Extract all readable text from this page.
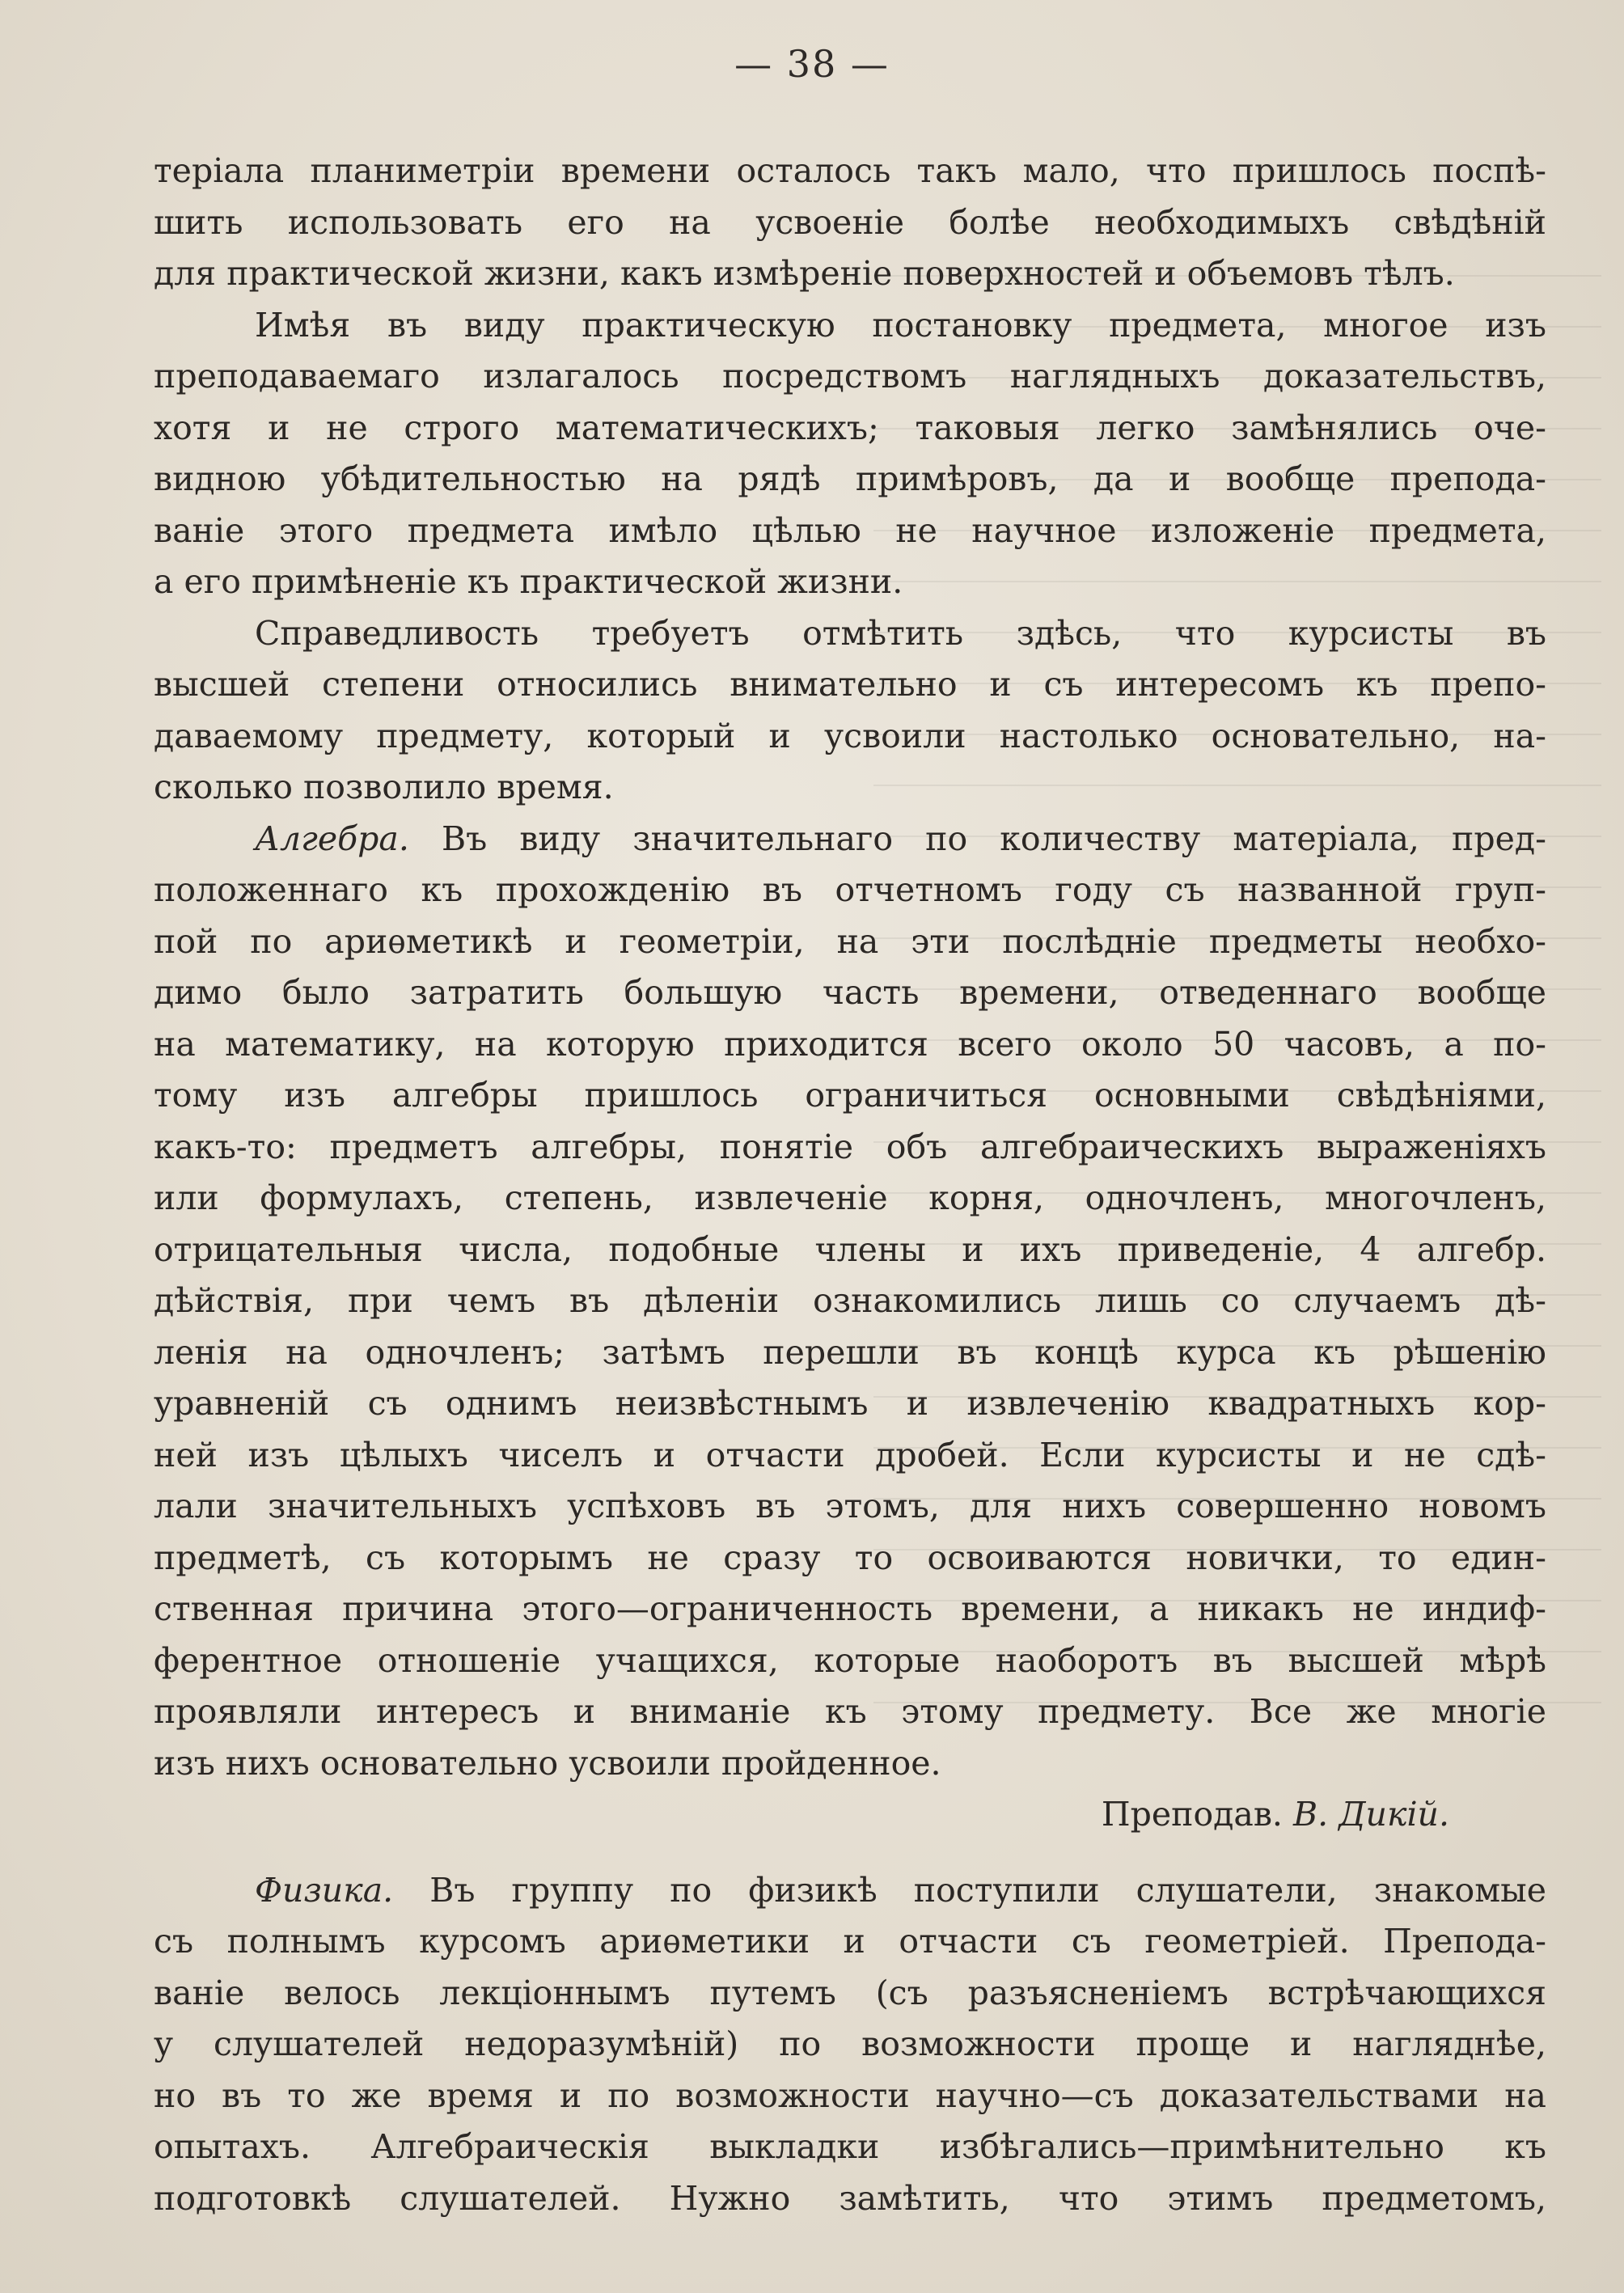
— 38 —
теріала планиметріи времени осталось такъ мало, что пришлось поспѣ-
шить использовать его на усвоеніе болѣе необходимыхъ свѣдѣній
для практической жизни, какъ измѣреніе поверхностей и объемовъ тѣлъ.
Имѣя въ виду практическую постановку предмета, многое изъ
преподаваемаго излагалось посредствомъ наглядныхъ доказательствъ,
хотя и не строго математическихъ; таковыя легко замѣнялись оче-
видною убѣдительностью на рядѣ примѣровъ, да и вообще препода-
ваніе этого предмета имѣло цѣлью не научное изложеніе предмета,
а его примѣненіе къ практической жизни.
Справедливость требуетъ отмѣтить здѣсь, что курсисты въ
высшей степени относились внимательно и съ интересомъ къ препо-
даваемому предмету, который и усвоили настолько основательно, на-
сколько позволило время.
Алгебра. Въ виду значительнаго по количеству матеріала, пред-
положеннаго къ прохожденію въ отчетномъ году съ названной груп-
пой по ариѳметикѣ и геометріи, на эти послѣдніе предметы необхо-
димо было затратить большую часть времени, отведеннаго вообще
на математику, на которую приходится всего около 50 часовъ, а по-
тому изъ алгебры пришлось ограничиться основными свѣдѣніями,
какъ-то: предметъ алгебры, понятіе объ алгебраическихъ выраженіяхъ
или формулахъ, степень, извлеченіе корня, одночленъ, многочленъ,
отрицательныя числа, подобные члены и ихъ приведеніе, 4 алгебр.
дѣйствія, при чемъ въ дѣленіи ознакомились лишь со случаемъ дѣ-
ленія на одночленъ; затѣмъ перешли въ концѣ курса къ рѣшенію
уравненій съ однимъ неизвѣстнымъ и извлеченію квадратныхъ кор-
ней изъ цѣлыхъ чиселъ и отчасти дробей. Если курсисты и не сдѣ-
лали значительныхъ успѣховъ въ этомъ, для нихъ совершенно новомъ
предметѣ, съ которымъ не сразу то освоиваются новички, то един-
ственная причина этого—ограниченность времени, а никакъ не индиф-
ферентное отношеніе учащихся, которые наоборотъ въ высшей мѣрѣ
проявляли интересъ и вниманіе къ этому предмету. Все же многіе
изъ нихъ основательно усвоили пройденное.
Преподав. В. Дикій.
Физика. Въ группу по физикѣ поступили слушатели, знакомые
съ полнымъ курсомъ ариѳметики и отчасти съ геометріей. Препода-
ваніе велось лекціоннымъ путемъ (съ разъясненіемъ встрѣчающихся
у слушателей недоразумѣній) по возможности проще и нагляднѣе,
но въ то же время и по возможности научно—съ доказательствами на
опытахъ. Алгебраическія выкладки избѣгались—примѣнительно къ
подготовкѣ слушателей. Нужно замѣтить, что этимъ предметомъ,
